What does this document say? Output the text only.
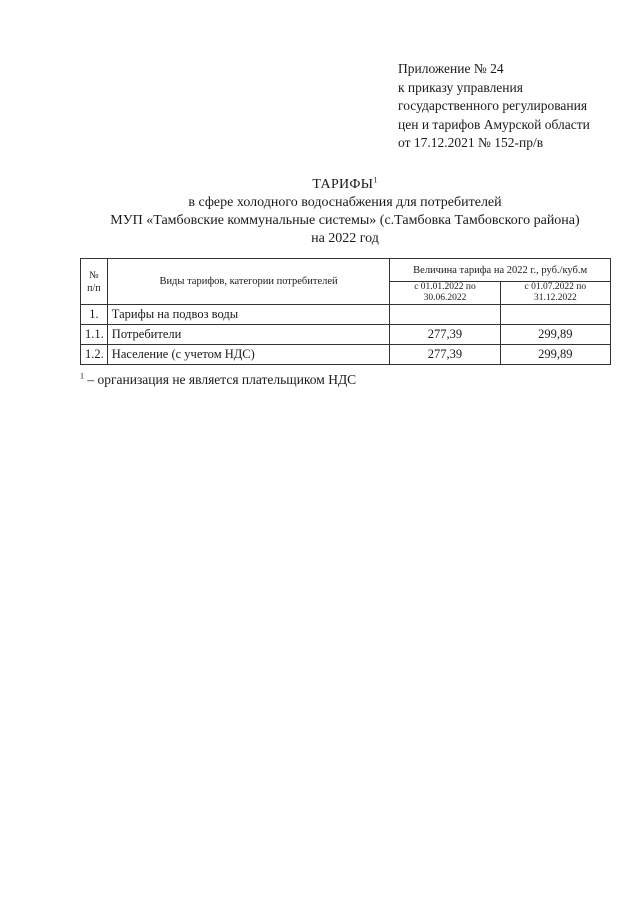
Приложение № 24
к приказу управления
государственного регулирования
цен и тарифов Амурской области
от 17.12.2021 № 152-пр/в
ТАРИФЫ$^1$
в сфере холодного водоснабжения для потребителей
МУП «Тамбовские коммунальные системы» (с.Тамбовка Тамбовского района)
на 2022 год
№ п/п	Виды тарифов, категории потребителей	Величина тарифа на 2022 г., руб./куб.м	
		с 01.01.2022 по 30.06.2022	с 01.07.2022 по 31.12.2022
1.	Тарифы на подвоз воды		
1.1.	Потребители	277,39	299,89
1.2.	Население (с учетом НДС)	277,39	299,89
$^1$ – организация не является плательщиком НДС
